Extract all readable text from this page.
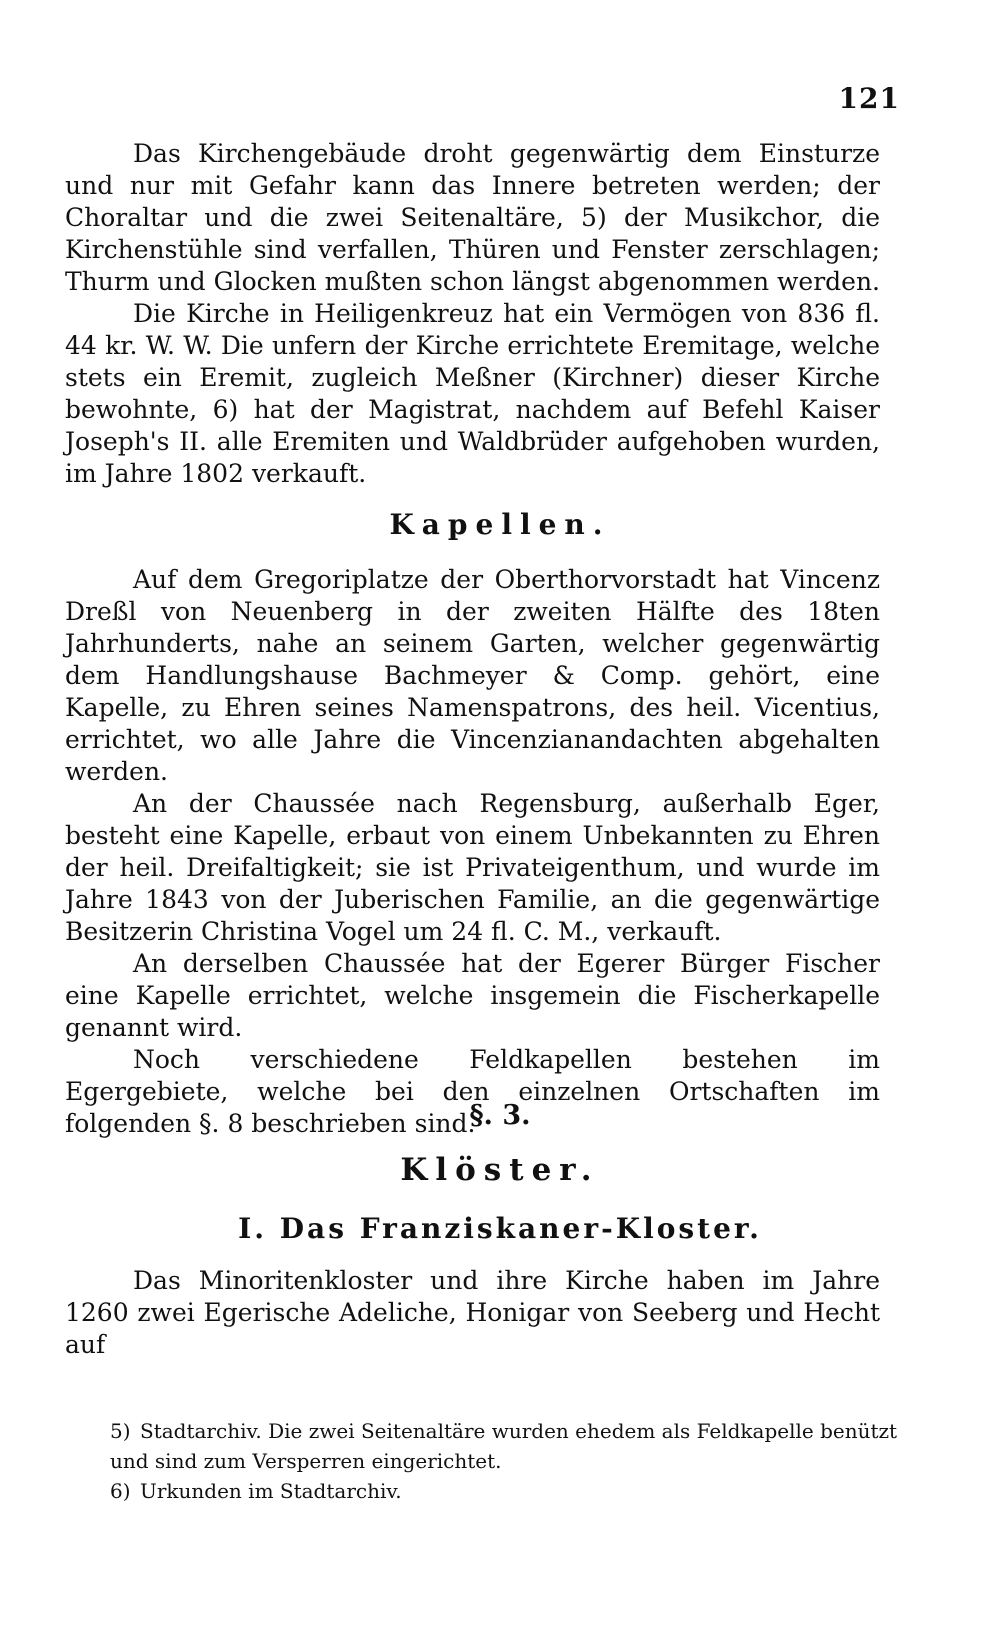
121

Das Kirchengebäude droht gegenwärtig dem Einsturze und nur mit Gefahr kann das Innere betreten werden; der Choraltar und die zwei Seitenaltäre, 5) der Musikchor, die Kirchenstühle sind verfallen, Thüren und Fenster zerschlagen; Thurm und Glocken mußten schon längst abgenommen werden.

Die Kirche in Heiligenkreuz hat ein Vermögen von 836 fl. 44 kr. W. W. Die unfern der Kirche errichtete Eremitage, welche stets ein Eremit, zugleich Meßner (Kirchner) dieser Kirche bewohnte, 6) hat der Magistrat, nachdem auf Befehl Kaiser Joseph's II. alle Eremiten und Waldbrüder aufgehoben wurden, im Jahre 1802 verkauft.

Kapellen.

Auf dem Gregoriplatze der Oberthorvorstadt hat Vincenz Dreßl von Neuenberg in der zweiten Hälfte des 18ten Jahrhunderts, nahe an seinem Garten, welcher gegenwärtig dem Handlungshause Bachmeyer & Comp. gehört, eine Kapelle, zu Ehren seines Namenspatrons, des heil. Vicentius, errichtet, wo alle Jahre die Vincenzianandachten abgehalten werden.

An der Chaussée nach Regensburg, außerhalb Eger, besteht eine Kapelle, erbaut von einem Unbekannten zu Ehren der heil. Dreifaltigkeit; sie ist Privateigenthum, und wurde im Jahre 1843 von der Juberischen Familie, an die gegenwärtige Besitzerin Christina Vogel um 24 fl. C. M., verkauft.

An derselben Chaussée hat der Egerer Bürger Fischer eine Kapelle errichtet, welche insgemein die Fischerkapelle genannt wird.

Noch verschiedene Feldkapellen bestehen im Egergebiete, welche bei den einzelnen Ortschaften im folgenden §. 8 beschrieben sind.

§. 3.
Klöster.
I. Das Franziskaner-Kloster.

Das Minoritenkloster und ihre Kirche haben im Jahre 1260 zwei Egerische Adeliche, Honigar von Seeberg und Hecht auf

5) Stadtarchiv. Die zwei Seitenaltäre wurden ehedem als Feldkapelle benützt und sind zum Versperren eingerichtet.

6) Urkunden im Stadtarchiv.
